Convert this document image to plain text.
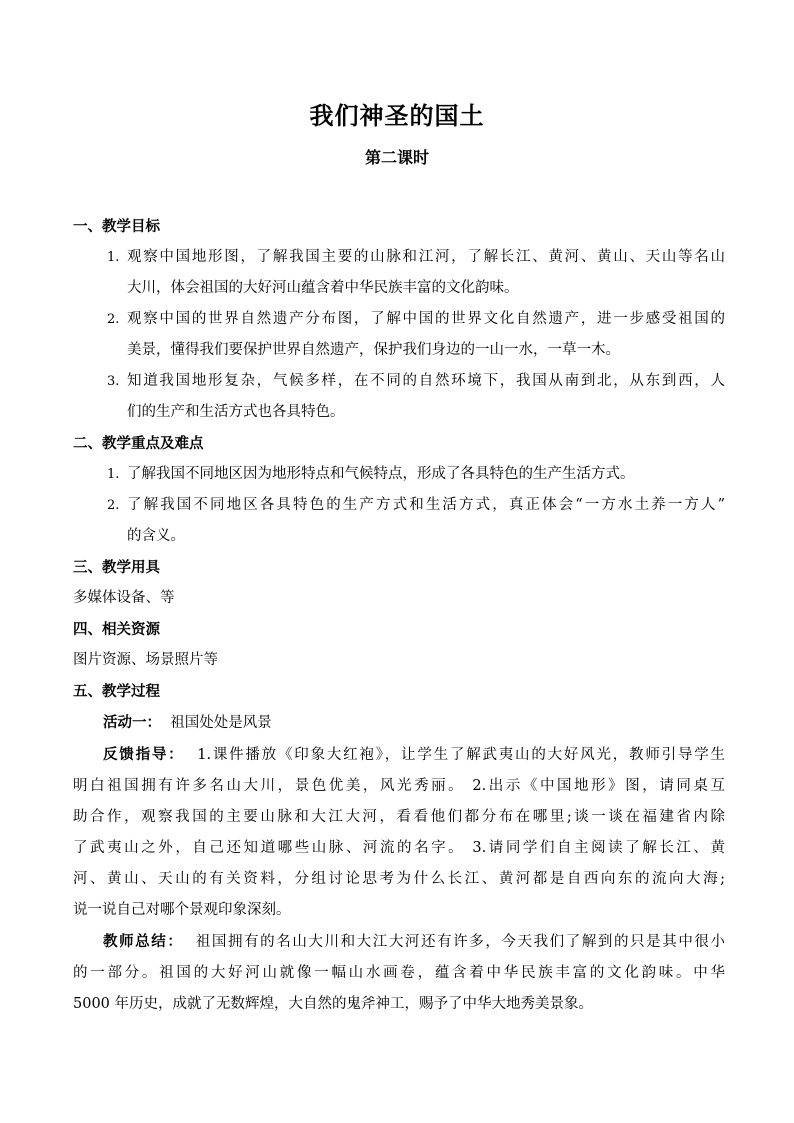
我们神圣的国土
第二课时
一、教学目标
1. 观察中国地形图，了解我国主要的山脉和江河，了解长江、黄河、黄山、天山等名山
大川，体会祖国的大好河山蕴含着中华民族丰富的文化韵味。
2. 观察中国的世界自然遗产分布图，了解中国的世界文化自然遗产，进一步感受祖国的
美景，懂得我们要保护世界自然遗产，保护我们身边的一山一水，一草一木。
3. 知道我国地形复杂，气候多样，在不同的自然环境下，我国从南到北，从东到西，人
们的生产和生活方式也各具特色。
二、教学重点及难点
1. 了解我国不同地区因为地形特点和气候特点，形成了各具特色的生产生活方式。
2. 了解我国不同地区各具特色的生产方式和生活方式，真正体会“一方水土养一方人”
的含义。
三、教学用具
多媒体设备、等
四、相关资源
图片资源、场景照片等
五、教学过程
活动一： 祖国处处是风景
反馈指导： 1.课件播放《印象大红袍》，让学生了解武夷山的大好风光，教师引导学生
明白祖国拥有许多名山大川，景色优美，风光秀丽。 2.出示《中国地形》图，请同桌互
助合作，观察我国的主要山脉和大江大河，看看他们都分布在哪里;谈一谈在福建省内除
了武夷山之外，自己还知道哪些山脉、河流的名字。 3.请同学们自主阅读了解长江、黄
河、黄山、天山的有关资料，分组讨论思考为什么长江、黄河都是自西向东的流向大海;
说一说自己对哪个景观印象深刻。
教师总结： 祖国拥有的名山大川和大江大河还有许多，今天我们了解到的只是其中很小
的一部分。祖国的大好河山就像一幅山水画卷，蕴含着中华民族丰富的文化韵味。中华
5000 年历史，成就了无数辉煌，大自然的鬼斧神工，赐予了中华大地秀美景象。
